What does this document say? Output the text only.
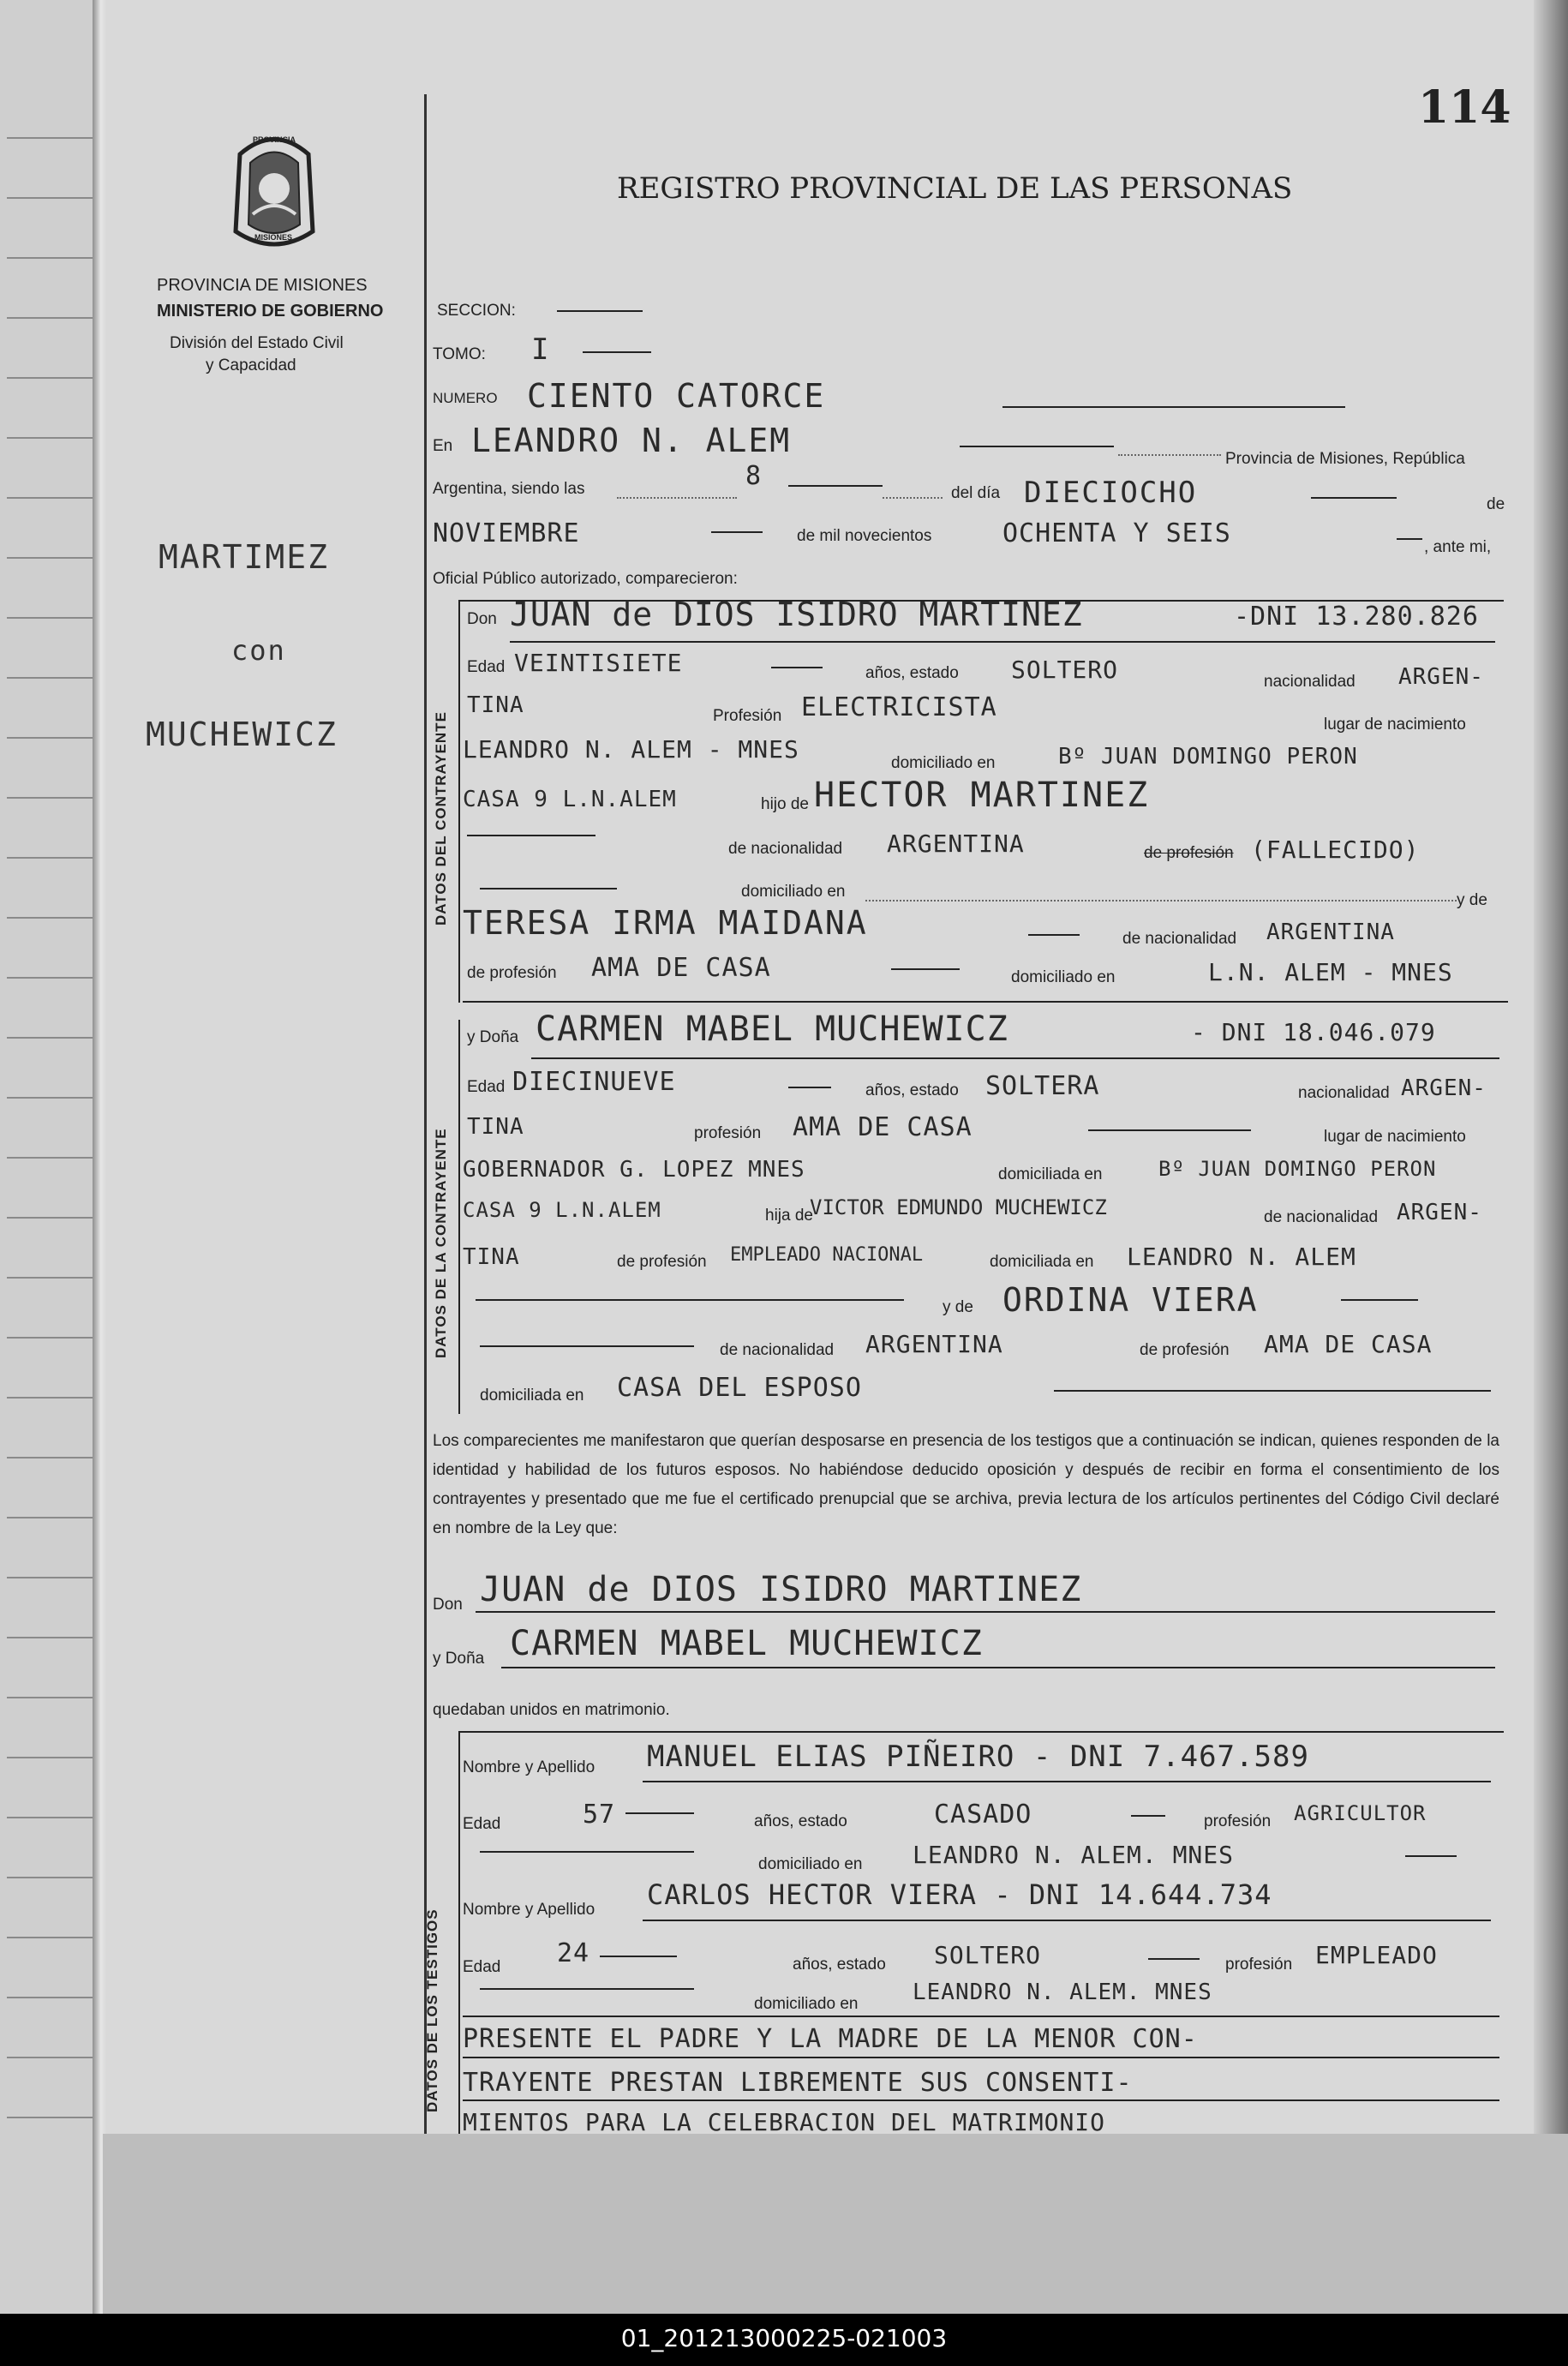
114
PROVINCIA
MISIONES
PROVINCIA DE MISIONES
MINISTERIO DE GOBIERNO
División del Estado Civil
y Capacidad
REGISTRO PROVINCIAL DE LAS PERSONAS
MARTIMEZ
con
MUCHEWICZ
SECCION:
TOMO: I
NUMERO CIENTO CATORCE
En LEANDRO N. ALEM	Provincia de Misiones, República
Argentina, siendo las	8
del día DIECIOCHO	de
NOVIEMBRE	de mil novecientos	OCHENTA Y SEIS	, ante mi,
Oficial Público autorizado, comparecieron:
DATOS DEL CONTRAYENTE
Don JUAN de DIOS ISIDRO MARTINEZ	-DNI 13.280.826
Edad VEINTISIETE	años, estado SOLTERO	nacionalidad ARGEN-
TINA	Profesión ELECTRICISTA
lugar de nacimiento
LEANDRO N. ALEM - MNES	domiciliado en	Bº JUAN DOMINGO PERON
CASA 9 L.N.ALEM	hijo de HECTOR MARTINEZ
de nacionalidad ARGENTINA	de profesión (FALLECIDO)
domiciliado en	y de
TERESA IRMA MAIDANA	de nacionalidad ARGENTINA
de profesión AMA DE CASA	domiciliado en	L.N. ALEM - MNES
DATOS DE LA CONTRAYENTE
y Doña CARMEN MABEL MUCHEWICZ	- DNI 18.046.079
Edad DIECINUEVE	años, estado SOLTERA	nacionalidad ARGEN-
TINA	profesión AMA DE CASA	lugar de nacimiento
GOBERNADOR G. LOPEZ MNES	domiciliada en	Bº JUAN DOMINGO PERON
CASA 9 L.N.ALEM	hija de
VICTOR EDMUNDO MUCHEWICZ	de nacionalidad ARGEN-
TINA	de profesión EMPLEADO NACIONAL	domiciliada en LEANDRO N. ALEM
y de ORDINA VIERA
de nacionalidad ARGENTINA	de profesión AMA DE CASA
domiciliada en CASA DEL ESPOSO
Los comparecientes me manifestaron que querían desposarse en presencia de los testigos que a continuación se indican, quienes responden de la identidad y habilidad de los futuros esposos. No habiéndose deducido oposición y después de recibir en forma el consentimiento de los contrayentes y presentado que me fue el certificado prenupcial que se archiva, previa lectura de los artículos pertinentes del Código Civil declaré en nombre de la Ley que:
Don JUAN de DIOS ISIDRO MARTINEZ
y Doña CARMEN MABEL MUCHEWICZ
quedaban unidos en matrimonio.
DATOS DE LOS TESTIGOS
Nombre y Apellido MANUEL ELIAS PIÑEIRO - DNI 7.467.589
Edad	57	años, estado	CASADO	profesión AGRICULTOR
domiciliado en LEANDRO N. ALEM. MNES
Nombre y Apellido CARLOS HECTOR VIERA - DNI 14.644.734
Edad 24	años, estado SOLTERO	profesión EMPLEADO
domiciliado en LEANDRO N. ALEM. MNES
PRESENTE EL PADRE Y LA MADRE DE LA MENOR CON-
TRAYENTE PRESTAN LIBREMENTE SUS CONSENTI-
MIENTOS PARA LA CELEBRACION DEL MATRIMONIO
01_201213000225-021003
